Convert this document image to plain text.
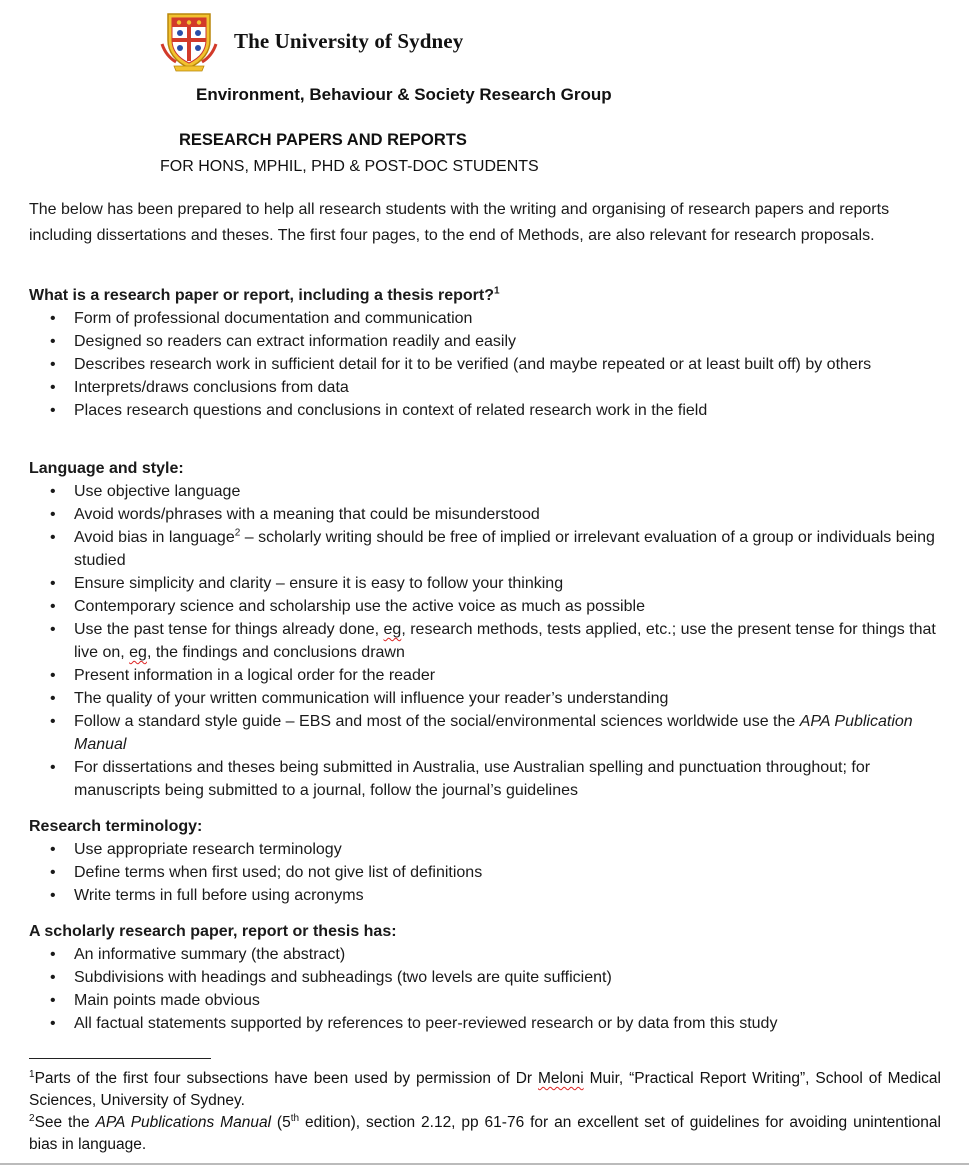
The University of Sydney
Environment, Behaviour & Society Research Group
RESEARCH PAPERS AND REPORTS
FOR HONS, MPHIL, PHD & POST-DOC STUDENTS

The below has been prepared to help all research students with the writing and organising of research papers and reports including dissertations and theses. The first four pages, to the end of Methods, are also relevant for research proposals.

What is a research paper or report, including a thesis report?$^1$
• Form of professional documentation and communication
• Designed so readers can extract information readily and easily
• Describes research work in sufficient detail for it to be verified (and maybe repeated or at least built off) by others
• Interprets/draws conclusions from data
• Places research questions and conclusions in context of related research work in the field
Language and style:
• Use objective language
• Avoid words/phrases with a meaning that could be misunderstood
• Avoid bias in language$^2$ – scholarly writing should be free of implied or irrelevant evaluation of a group or individuals being studied
• Ensure simplicity and clarity – ensure it is easy to follow your thinking
• Contemporary science and scholarship use the active voice as much as possible
• Use the past tense for things already done, eg, research methods, tests applied, etc.; use the present tense for things that live on, eg, the findings and conclusions drawn
• Present information in a logical order for the reader
• The quality of your written communication will influence your reader’s understanding
• Follow a standard style guide – EBS and most of the social/environmental sciences worldwide use the APA Publication Manual
• For dissertations and theses being submitted in Australia, use Australian spelling and punctuation throughout; for manuscripts being submitted to a journal, follow the journal’s guidelines
Research terminology:
• Use appropriate research terminology
• Define terms when first used; do not give list of definitions
• Write terms in full before using acronyms
A scholarly research paper, report or thesis has:
• An informative summary (the abstract)
• Subdivisions with headings and subheadings (two levels are quite sufficient)
• Main points made obvious
• All factual statements supported by references to peer-reviewed research or by data from this study

$^1$Parts of the first four subsections have been used by permission of Dr Meloni Muir, “Practical Report Writing”, School of Medical Sciences, University of Sydney.

$^2$See the APA Publications Manual (5th edition), section 2.12, pp 61-76 for an excellent set of guidelines for avoiding unintentional bias in language.
